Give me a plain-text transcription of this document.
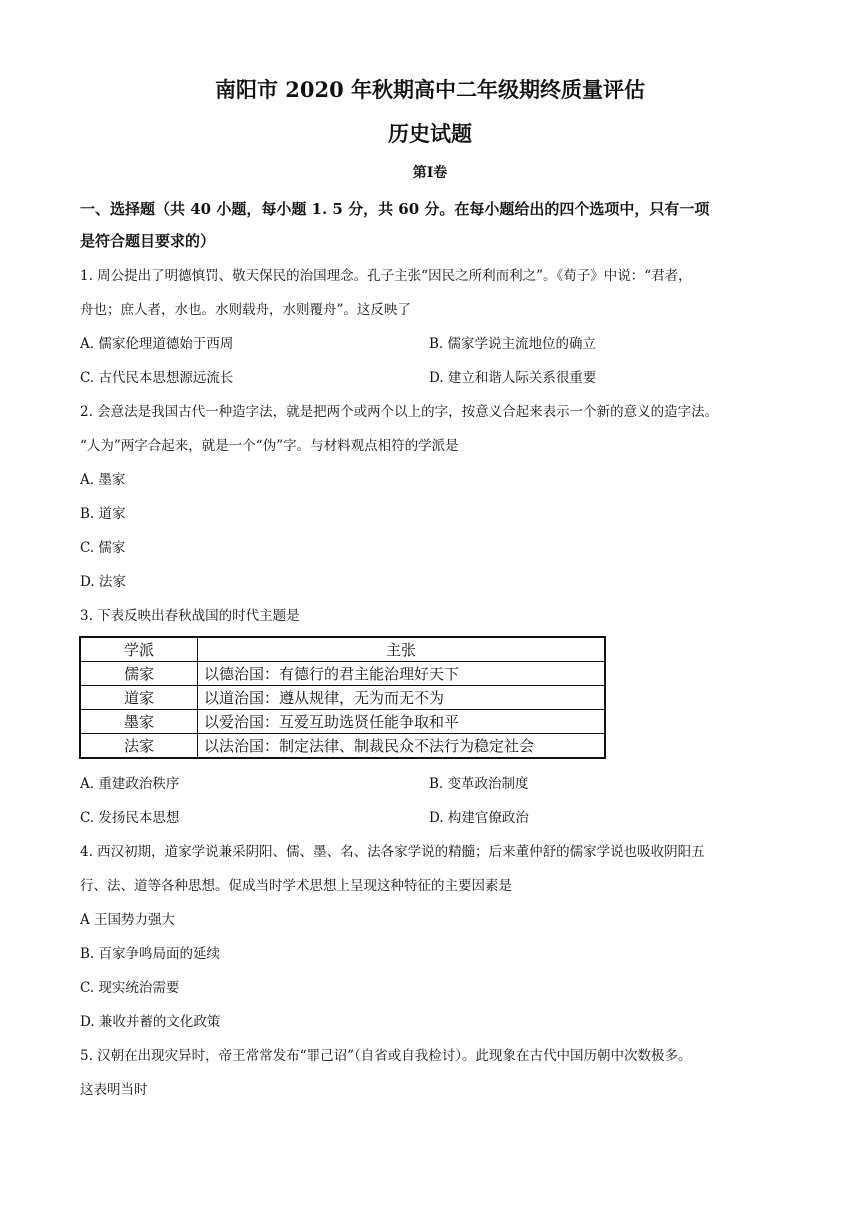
南阳市 2020 年秋期高中二年级期终质量评估
历史试题
第Ⅰ卷
一、选择题（共 40 小题，每小题 1. 5 分，共 60 分。在每小题给出的四个选项中，只有一项
是符合题目要求的）
1. 周公提出了明德慎罚、敬天保民的治国理念。孔子主张“因民之所利而利之”。《荀子》中说：“君者，
舟也；庶人者，水也。水则载舟，水则覆舟”。这反映了
A. 儒家伦理道德始于西周	B. 儒家学说主流地位的确立
C. 古代民本思想源远流长	D. 建立和谐人际关系很重要
2. 会意法是我国古代一种造字法，就是把两个或两个以上的字，按意义合起来表示一个新的意义的造字法。
“人为”两字合起来，就是一个“伪”字。与材料观点相符的学派是
A. 墨家
B. 道家
C. 儒家
D. 法家
3. 下表反映出春秋战国的时代主题是
学派	主张
儒家	以德治国：有德行的君主能治理好天下
道家	以道治国：遵从规律，无为而无不为
墨家	以爱治国：互爱互助选贤任能争取和平
法家	以法治国：制定法律、制裁民众不法行为稳定社会
A. 重建政治秩序	B. 变革政治制度
C. 发扬民本思想	D. 构建官僚政治
4. 西汉初期，道家学说兼采阴阳、儒、墨、名、法各家学说的精髓；后来董仲舒的儒家学说也吸收阴阳五
行、法、道等各种思想。促成当时学术思想上呈现这种特征的主要因素是
A 王国势力强大
B. 百家争鸣局面的延续
C. 现实统治需要
D. 兼收并蓄的文化政策
5. 汉朝在出现灾异时，帝王常常发布“罪己诏”（自省或自我检讨）。此现象在古代中国历朝中次数极多。
这表明当时
